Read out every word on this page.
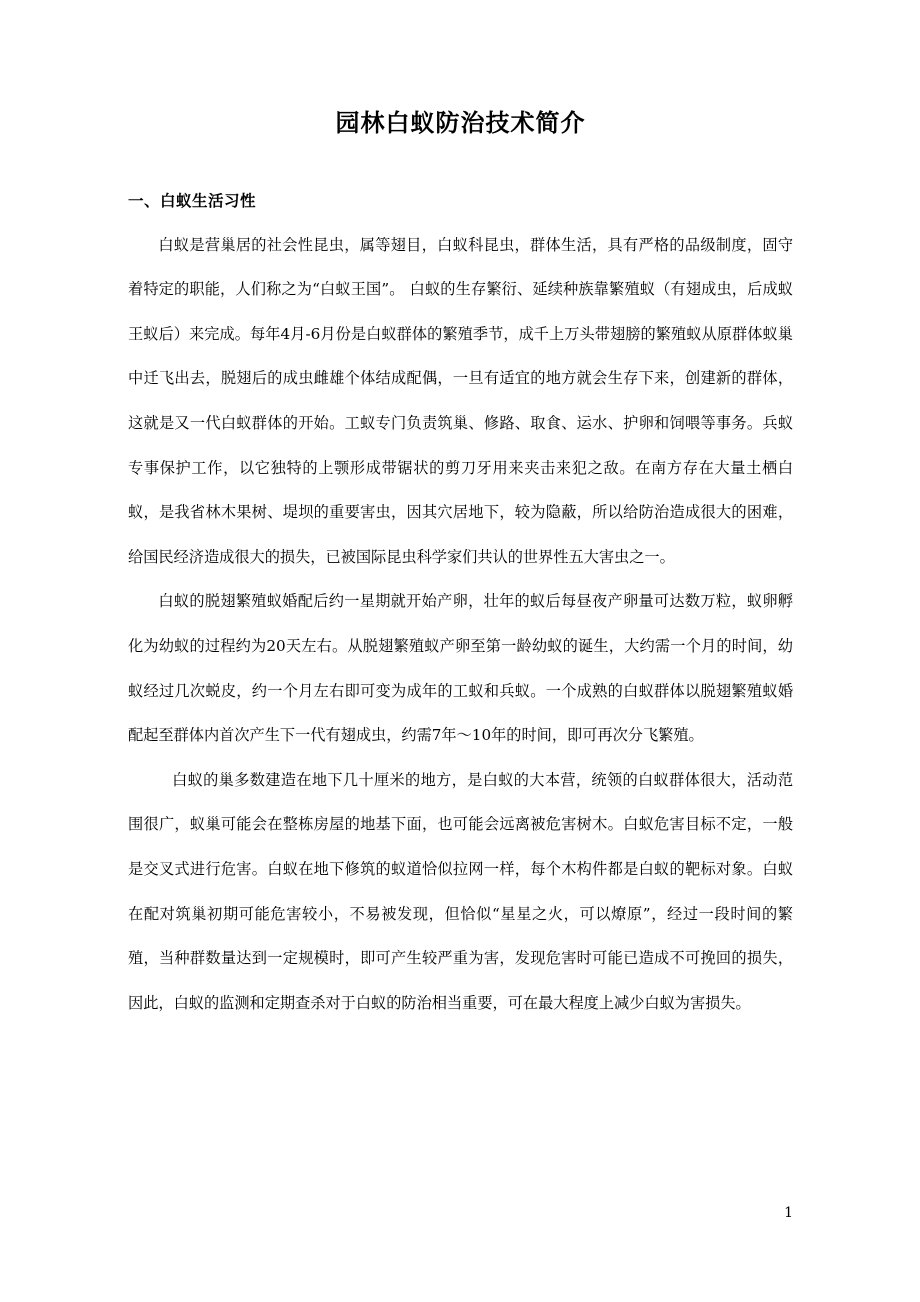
园林白蚁防治技术简介
一、白蚁生活习性

白蚁是营巢居的社会性昆虫，属等翅目，白蚁科昆虫，群体生活，具有严格的品级制度，固守着特定的职能，人们称之为“白蚁王国”。 白蚁的生存繁衍、延续种族靠繁殖蚁（有翅成虫，后成蚁王蚁后）来完成。每年4月-6月份是白蚁群体的繁殖季节，成千上万头带翅膀的繁殖蚁从原群体蚁巢中迁飞出去，脱翅后的成虫雌雄个体结成配偶，一旦有适宜的地方就会生存下来，创建新的群体，这就是又一代白蚁群体的开始。工蚁专门负责筑巢、修路、取食、运水、护卵和饲喂等事务。兵蚁专事保护工作，以它独特的上颚形成带锯状的剪刀牙用来夹击来犯之敌。在南方存在大量土栖白蚁，是我省林木果树、堤坝的重要害虫，因其穴居地下，较为隐蔽，所以给防治造成很大的困难，给国民经济造成很大的损失，已被国际昆虫科学家们共认的世界性五大害虫之一。

白蚁的脱翅繁殖蚁婚配后约一星期就开始产卵，壮年的蚁后每昼夜产卵量可达数万粒，蚁卵孵化为幼蚁的过程约为20天左右。从脱翅繁殖蚁产卵至第一龄幼蚁的诞生，大约需一个月的时间，幼蚁经过几次蜕皮，约一个月左右即可变为成年的工蚁和兵蚁。一个成熟的白蚁群体以脱翅繁殖蚁婚配起至群体内首次产生下一代有翅成虫，约需7年～10年的时间，即可再次分飞繁殖。

白蚁的巢多数建造在地下几十厘米的地方，是白蚁的大本营，统领的白蚁群体很大，活动范围很广，蚁巢可能会在整栋房屋的地基下面，也可能会远离被危害树木。白蚁危害目标不定，一般是交叉式进行危害。白蚁在地下修筑的蚁道恰似拉网一样，每个木构件都是白蚁的靶标对象。白蚁在配对筑巢初期可能危害较小，不易被发现，但恰似“星星之火，可以燎原”，经过一段时间的繁殖，当种群数量达到一定规模时，即可产生较严重为害，发现危害时可能已造成不可挽回的损失，因此，白蚁的监测和定期查杀对于白蚁的防治相当重要，可在最大程度上减少白蚁为害损失。

1
